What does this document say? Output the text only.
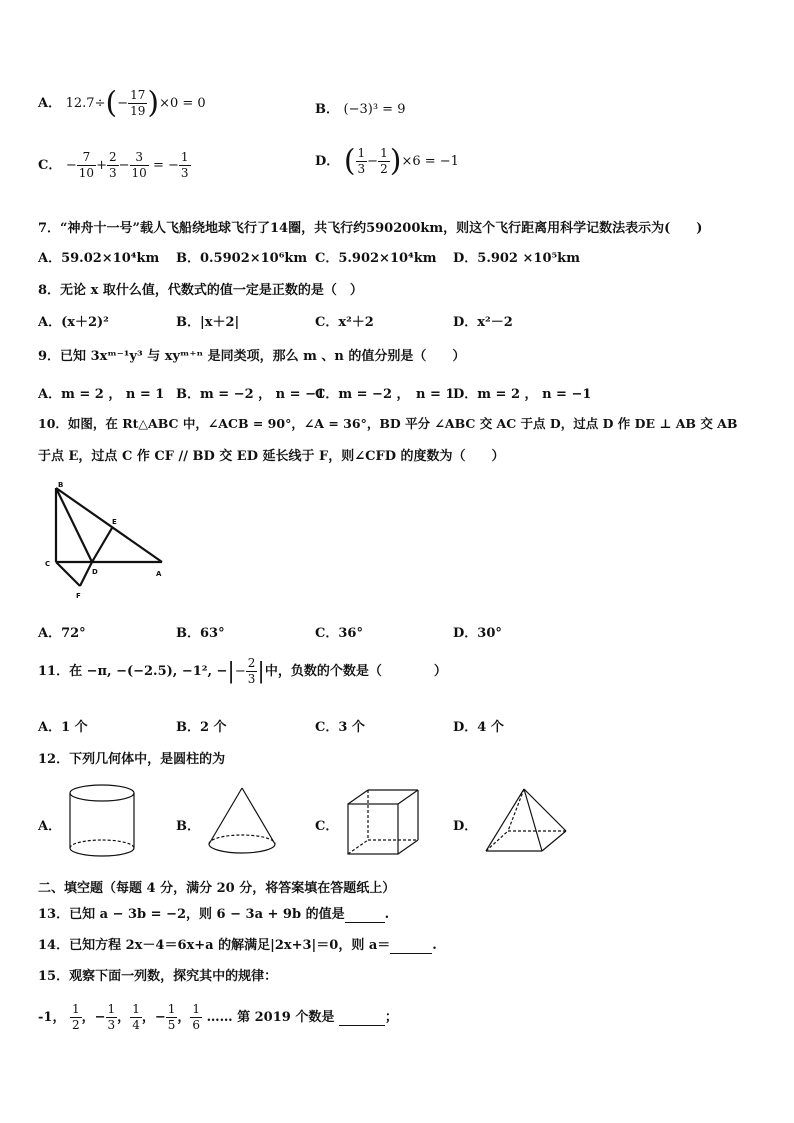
A． $12.7\div(- \frac{17}{19} )\times 0 = 0$	B． (−3)³ = 9
C． − $\frac{7}{10} + \frac{2}{3} - \frac{3}{10}$ = − $\frac{1}{3}$	D． ( $\frac{1}{3} - \frac{1}{2} )\times 6 = -1$
7．“神舟十一号”载人飞船绕地球飞行了14圈，共飞行约590200km，则这个飞行距离用科学记数法表示为(　　)
A．59.02×10⁴km B．0.5902×10⁶km C．5.902×10⁴km D．5.902 ×10⁵km
8．无论 x 取什么值，代数式的值一定是正数的是（　）
A．(x＋2)²	B．|x＋2|	C．x²＋2	D．x²－2
9．已知 3xᵐ⁻¹y³ 与 xyᵐ⁺ⁿ 是同类项，那么 m 、n 的值分别是（　　）
A．m = 2 ， n = 1 B．m = −2 ， n = −1
C．m = −2 ，　n = 1
D．m = 2 ， n = −1
10．如图，在 Rt△ABC 中，∠ACB = 90°，∠A = 36°，BD 平分 ∠ABC 交 AC 于点 D，过点 D 作 DE ⊥ AB 交 AB
于点 E，过点 C 作 CF // BD 交 ED 延长线于 F，则∠CFD 的度数为（　　）
B
E
C
D	A
F
A．72°	B．63°	C．36°	D．30°
11．在 −π, −(−2.5), −1², −|− $\frac{2}{3}$ |中，负数的个数是（　　　　）
A．1 个	B．2 个	C．3 个	D．4 个
12．下列几何体中，是圆柱的为
A．	B．	C．	D．
二、填空题（每题 4 分，满分 20 分，将答案填在答题纸上）
13．已知 a − 3b = −2，则 6 − 3a + 9b 的值是	.
14．已知方程 2x－4＝6x+a 的解满足|2x+3|＝0，则 a＝	.
15．观察下面一列数，探究其中的规律：
-1， $\frac{1}{2}$ ，− $\frac{1}{3}$ ， $\frac{1}{4}$ ，− $\frac{1}{5}$ ， $\frac{1}{6}$ …… 第 2019 个数是	；
